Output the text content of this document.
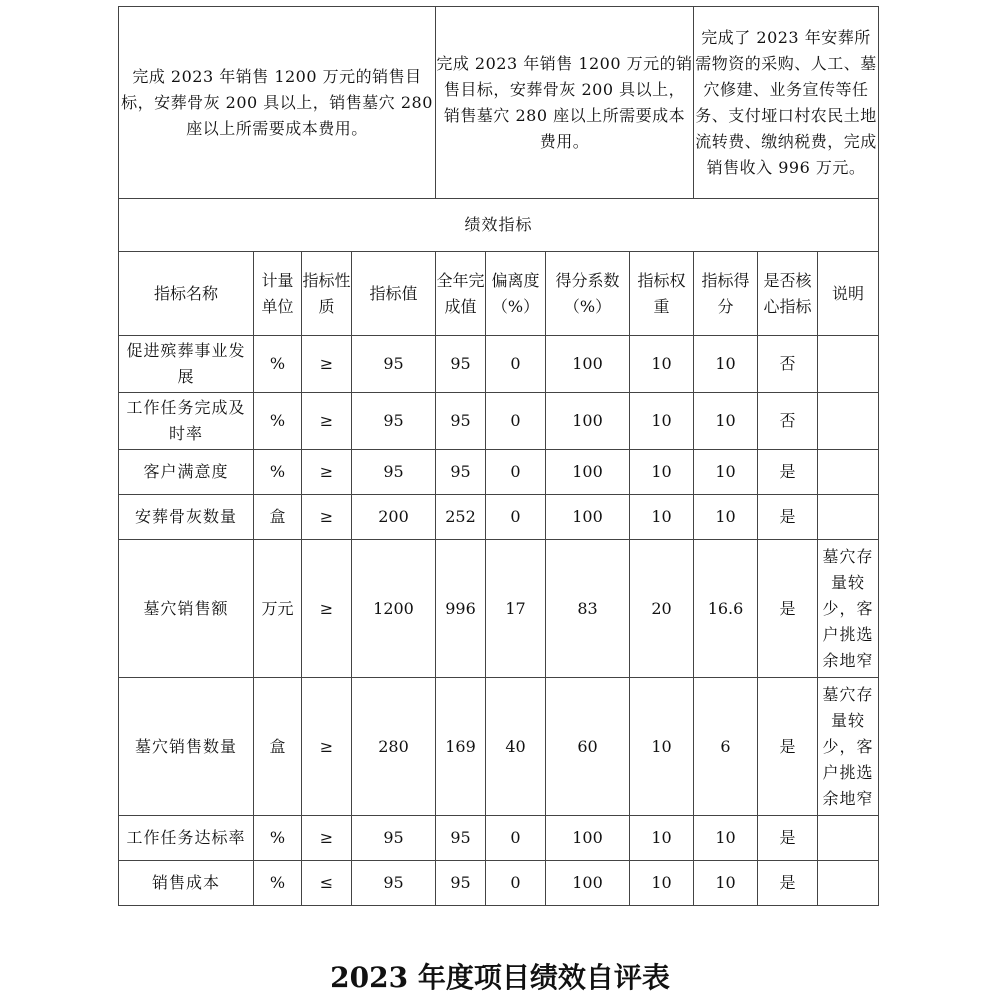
完成 2023 年销售 1200 万元的销售目标，安葬骨灰 200 具以上，销售墓穴 280 座以上所需要成本费用。				完成 2023 年销售 1200 万元的销售目标，安葬骨灰 200 具以上，销售墓穴 280 座以上所需要成本费用。				完成了 2023 年安葬所需物资的采购、人工、墓穴修建、业务宣传等任务、支付垭口村农民土地流转费、缴纳税费，完成销售收入 996 万元。		
绩效指标										
指标名称	计量单位	指标性质	指标值	全年完成值	偏离度（%）	得分系数（%）	指标权重	指标得分	是否核心指标	说明
促进殡葬事业发展	%	≥	95	95	0	100	10	10	否	
工作任务完成及时率	%	≥	95	95	0	100	10	10	否	
客户满意度	%	≥	95	95	0	100	10	10	是	
安葬骨灰数量	盒	≥	200	252	0	100	10	10	是	
墓穴销售额	万元	≥	1200	996	17	83	20	16.6	是	墓穴存量较少，客户挑选余地窄
墓穴销售数量	盒	≥	280	169	40	60	10	6	是	墓穴存量较少，客户挑选余地窄
工作任务达标率	%	≥	95	95	0	100	10	10	是	
销售成本	%	≤	95	95	0	100	10	10	是	
2023 年度项目绩效自评表
